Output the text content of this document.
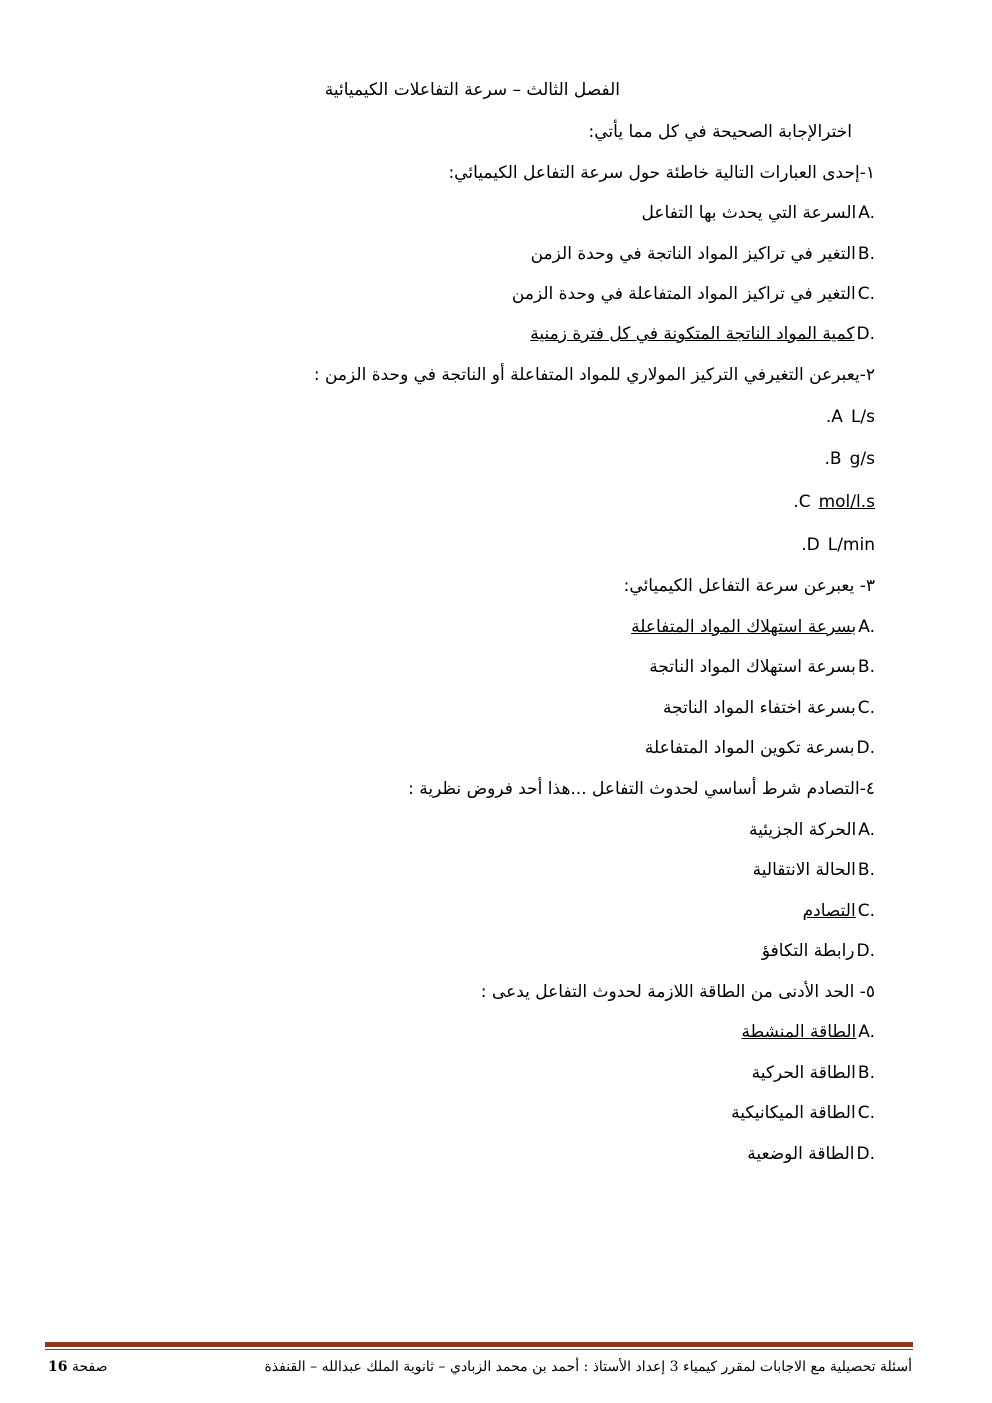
الفصل الثالث – سرعة التفاعلات الكيميائية
اخترالإجابة الصحيحة في كل مما يأتي:
١-إحدى العبارات التالية خاطئة حول سرعة التفاعل الكيميائي:
A.السرعة التي يحدث بها التفاعل
B.التغير في تراكيز المواد الناتجة في وحدة الزمن
C.التغير في تراكيز المواد المتفاعلة في وحدة الزمن
D.كمية المواد الناتجة المتكونة في كل فترة زمنية
٢-يعبرعن التغيرفي التركيز المولاري للمواد المتفاعلة أو الناتجة في وحدة الزمن :
.A L/s
.B g/s
.C mol/l.s
.D L/min
٣- يعبرعن سرعة التفاعل الكيميائي:
A.بسرعة استهلاك المواد المتفاعلة
B.بسرعة استهلاك المواد الناتجة
C.بسرعة اختفاء المواد الناتجة
D.بسرعة تكوين المواد المتفاعلة
٤-التصادم شرط أساسي لحدوث التفاعل ...هذا أحد فروض نظرية :
A.الحركة الجزيئية
B.الحالة الانتقالية
C.التصادم
D.رابطة التكافؤ
٥- الحد الأدنى من الطاقة اللازمة لحدوث التفاعل يدعى :
A.الطاقة المنشطة
B.الطاقة الحركية
C.الطاقة الميكانيكية
D.الطاقة الوضعية
أسئلة تحصيلية مع الاجابات لمقرر كيمياء 3 إعداد الأستاذ : أحمد بن محمد الزبادي – ثانوية الملك عبدالله – القنفذة
صفحة 16
